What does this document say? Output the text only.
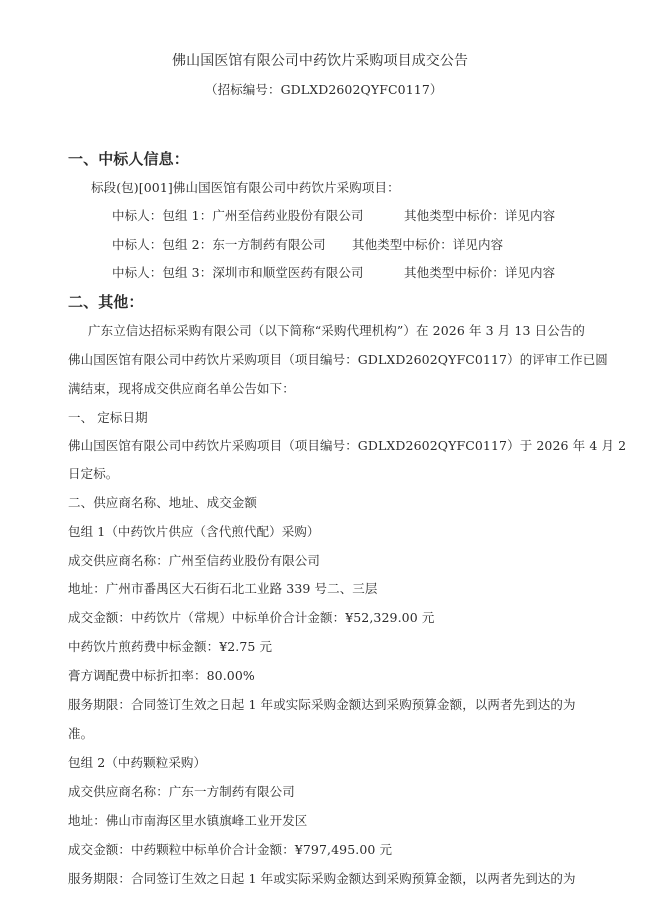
佛山国医馆有限公司中药饮片采购项目成交公告
（招标编号：GDLXD2602QYFC0117）
一、中标人信息：
标段(包)[001]佛山国医馆有限公司中药饮片采购项目：
中标人：包组 1：广州至信药业股份有限公司	其他类型中标价：详见内容
中标人：包组 2：东一方制药有限公司 其他类型中标价：详见内容
中标人：包组 3：深圳市和顺堂医药有限公司	其他类型中标价：详见内容
二、其他：
广东立信达招标采购有限公司（以下简称“采购代理机构”）在 2026 年 3 月 13 日公告的
佛山国医馆有限公司中药饮片采购项目（项目编号：GDLXD2602QYFC0117）的评审工作已圆
满结束，现将成交供应商名单公告如下：
一、 定标日期
佛山国医馆有限公司中药饮片采购项目（项目编号：GDLXD2602QYFC0117）于 2026 年 4 月 2
日定标。
二、供应商名称、地址、成交金额
包组 1（中药饮片供应（含代煎代配）采购）
成交供应商名称：广州至信药业股份有限公司
地址：广州市番禺区大石街石北工业路 339 号二、三层
成交金额：中药饮片（常规）中标单价合计金额：¥52,329.00 元
中药饮片煎药费中标金额：¥2.75 元
膏方调配费中标折扣率：80.00%
服务期限：合同签订生效之日起 1 年或实际采购金额达到采购预算金额，以两者先到达的为
准。
包组 2（中药颗粒采购）
成交供应商名称：广东一方制药有限公司
地址：佛山市南海区里水镇旗峰工业开发区
成交金额：中药颗粒中标单价合计金额：¥797,495.00 元
服务期限：合同签订生效之日起 1 年或实际采购金额达到采购预算金额，以两者先到达的为
